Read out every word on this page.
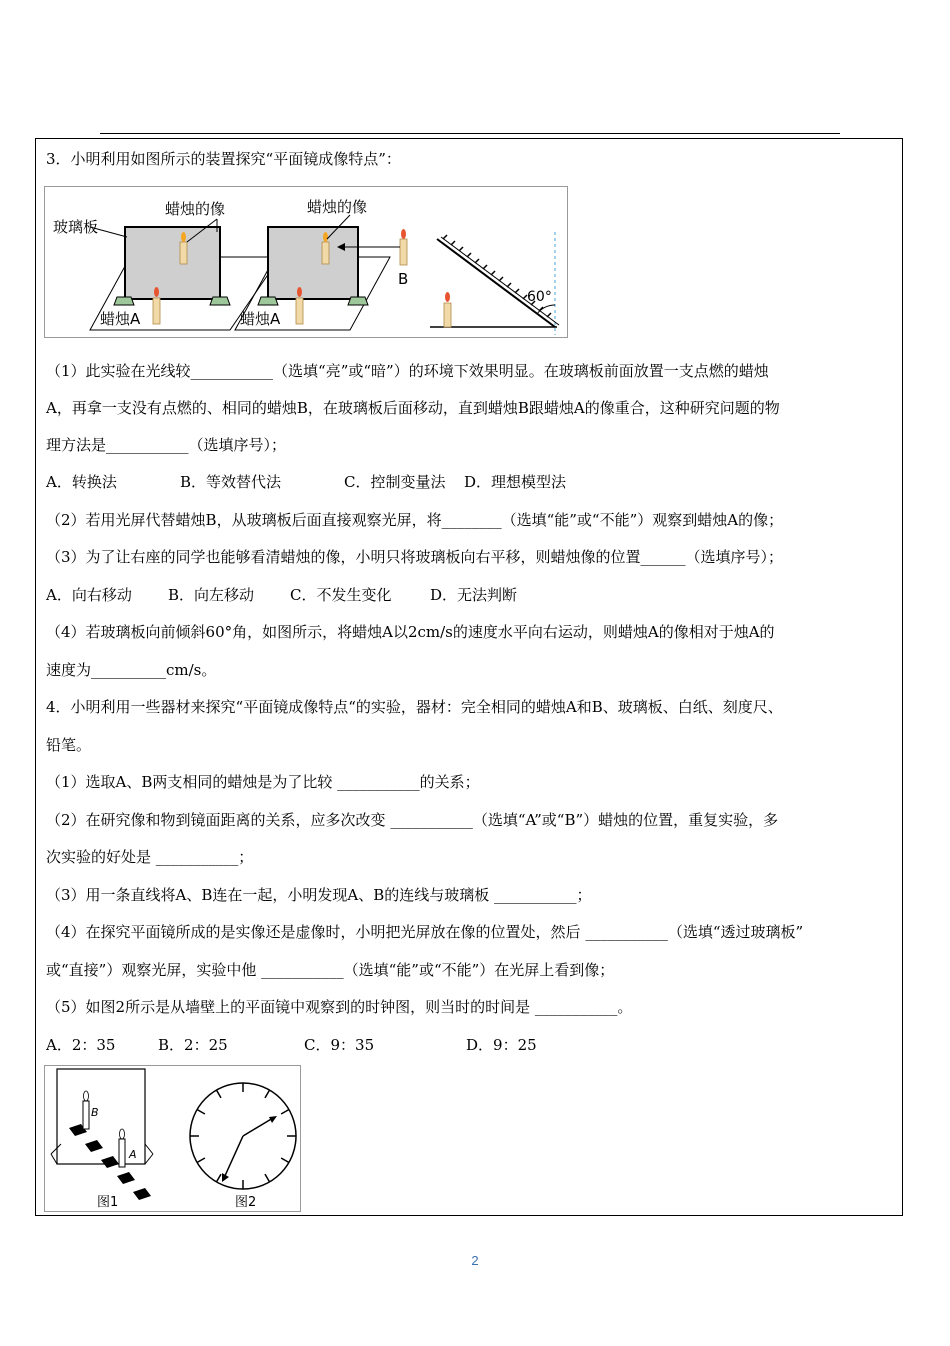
3．小明利用如图所示的装置探究“平面镜成像特点”：
玻璃板
蜡烛的像
蜡烛A
蜡烛的像
蜡烛A
B
60°
（1）此实验在光线较___________（选填“亮”或“暗”）的环境下效果明显。在玻璃板前面放置一支点燃的蜡烛
A，再拿一支没有点燃的、相同的蜡烛B，在玻璃板后面移动，直到蜡烛B跟蜡烛A的像重合，这种研究问题的物
理方法是___________（选填序号）；
A．转换法	B．等效替代法	C．控制变量法 D．理想模型法
（2）若用光屏代替蜡烛B，从玻璃板后面直接观察光屏，将________（选填“能”或“不能”）观察到蜡烛A的像；
（3）为了让右座的同学也能够看清蜡烛的像，小明只将玻璃板向右平移，则蜡烛像的位置______（选填序号）；
A．向右移动 B．向左移动 C．不发生变化	D．无法判断
（4）若玻璃板向前倾斜60°角，如图所示，将蜡烛A以2cm/s的速度水平向右运动，则蜡烛A的像相对于烛A的
速度为__________cm/s。
4．小明利用一些器材来探究“平面镜成像特点“的实验，器材：完全相同的蜡烛A和B、玻璃板、白纸、刻度尺、
铅笔。
（1）选取A、B两支相同的蜡烛是为了比较 ___________的关系；
（2）在研究像和物到镜面距离的关系，应多次改变 ___________（选填“A”或“B”）蜡烛的位置，重复实验，多
次实验的好处是 ___________；
（3）用一条直线将A、B连在一起，小明发现A、B的连线与玻璃板 ___________；
（4）在探究平面镜所成的是实像还是虚像时，小明把光屏放在像的位置处，然后 ___________（选填“透过玻璃板”
或“直接”）观察光屏，实验中他 ___________（选填“能”或“不能”）在光屏上看到像；
（5）如图2所示是从墙壁上的平面镜中观察到的时钟图，则当时的时间是 ___________。
A．2：35	B．2：25	C．9：35	D．9：25
B
A
图1	图2
2
